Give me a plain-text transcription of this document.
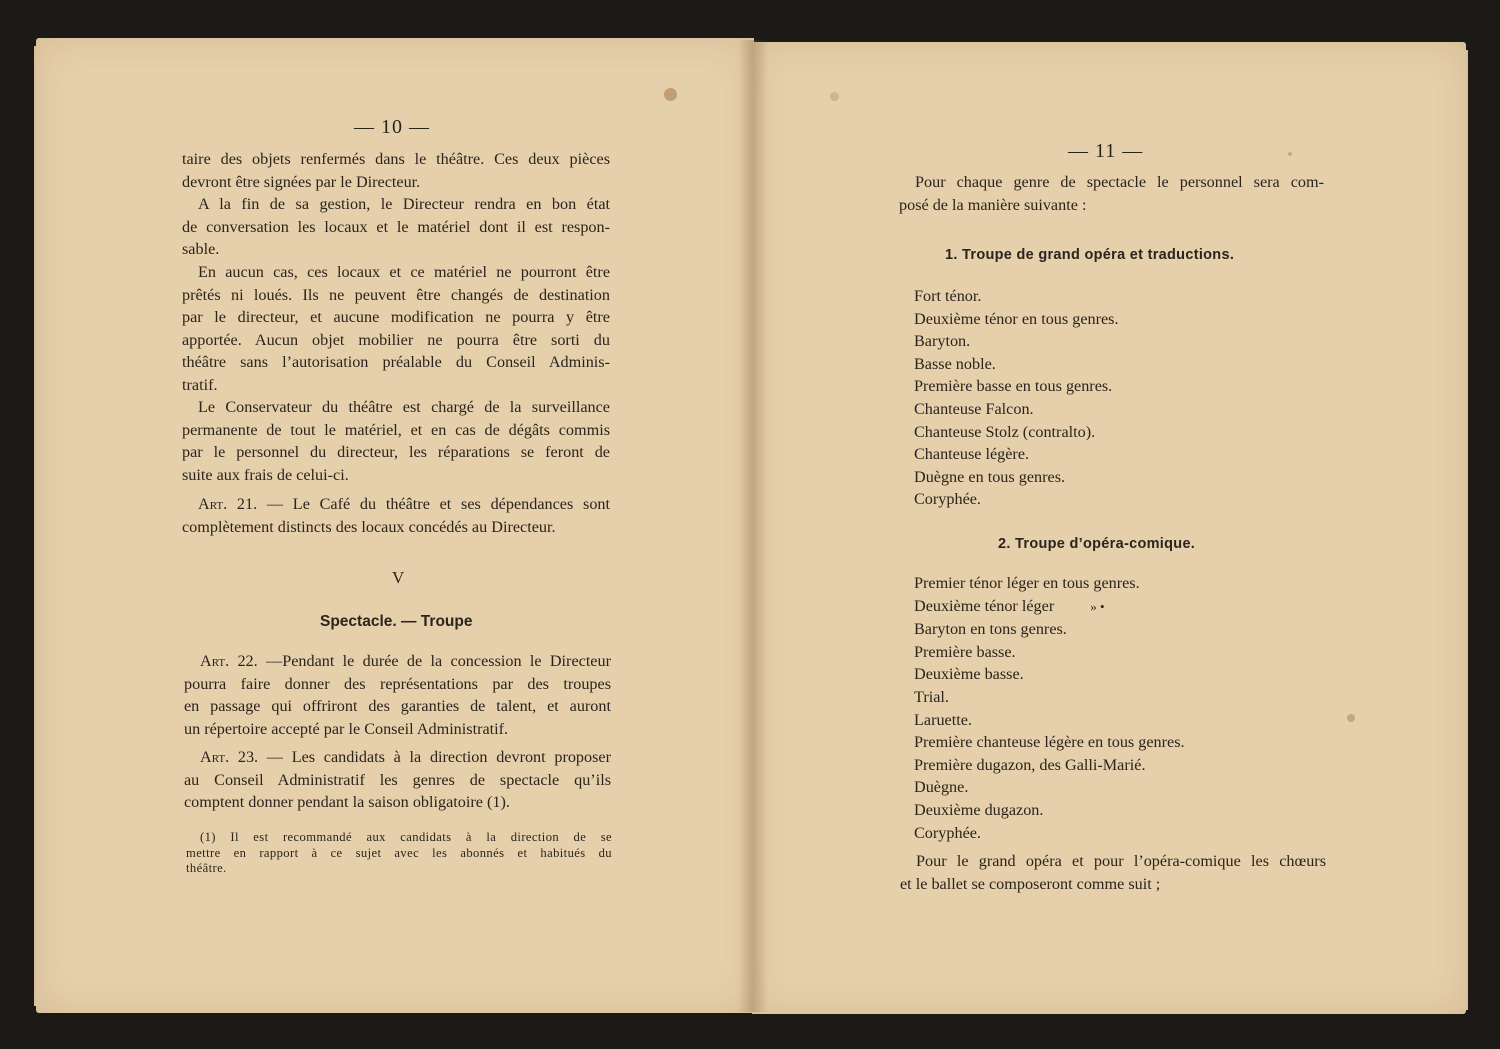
— 10 —
taire des objets renfermés dans le théâtre. Ces deux pièces
devront être signées par le Directeur.
A la fin de sa gestion, le Directeur rendra en bon état
de conversation les locaux et le matériel dont il est respon-
sable.
En aucun cas, ces locaux et ce matériel ne pourront être
prêtés ni loués. Ils ne peuvent être changés de destination
par le directeur, et aucune modification ne pourra y être
apportée. Aucun objet mobilier ne pourra être sorti du
théâtre sans l’autorisation préalable du Conseil Adminis-
tratif.
Le Conservateur du théâtre est chargé de la surveillance
permanente de tout le matériel, et en cas de dégâts commis
par le personnel du directeur, les réparations se feront de
suite aux frais de celui-ci.
Art. 21. — Le Café du théâtre et ses dépendances sont
complètement distincts des locaux concédés au Directeur.
V
Spectacle. — Troupe
Art. 22. —Pendant le durée de la concession le Directeur
pourra faire donner des représentations par des troupes
en passage qui offriront des garanties de talent, et auront
un répertoire accepté par le Conseil Administratif.
Art. 23. — Les candidats à la direction devront proposer
au Conseil Administratif les genres de spectacle qu’ils
comptent donner pendant la saison obligatoire (1).
(1) Il est recommandé aux candidats à la direction de se
mettre en rapport à ce sujet avec les abonnés et habitués du
théâtre.
— 11 —
Pour chaque genre de spectacle le personnel sera com-
posé de la manière suivante :
1. Troupe de grand opéra et traductions.
Fort ténor.
Deuxième ténor en tous genres.
Baryton.
Basse noble.
Première basse en tous genres.
Chanteuse Falcon.
Chanteuse Stolz (contralto).
Chanteuse légère.
Duègne en tous genres.
Coryphée.
2. Troupe d’opéra-comique.
Premier ténor léger en tous genres.
Deuxième ténor léger	» •
Baryton en tons genres.
Première basse.
Deuxième basse.
Trial.
Laruette.
Première chanteuse légère en tous genres.
Première dugazon, des Galli-Marié.
Duègne.
Deuxième dugazon.
Coryphée.
Pour le grand opéra et pour l’opéra-comique les chœurs
et le ballet se composeront comme suit ;
